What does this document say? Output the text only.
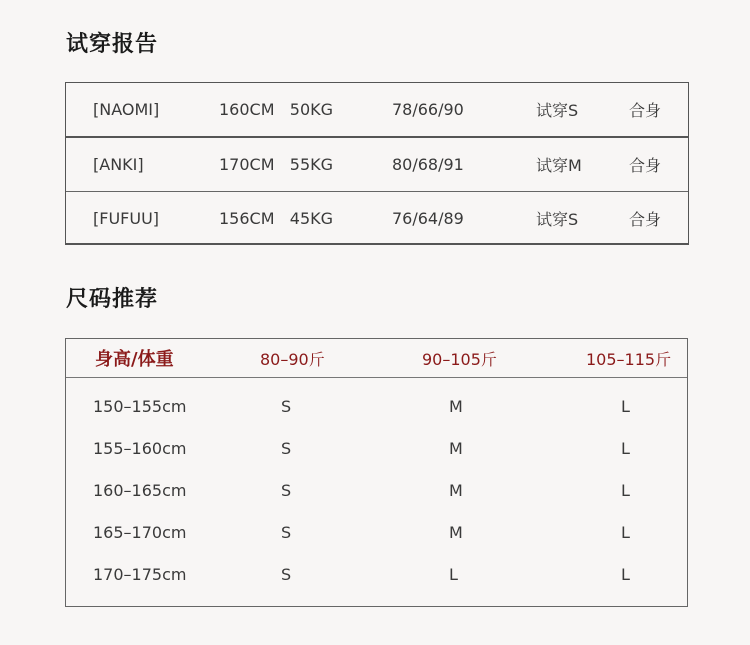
试穿报告
[NAOMI]	160CM   50KG	78/66/90	试穿S	合身
[ANKI]	170CM   55KG	80/68/91	试穿M	合身
[FUFUU]	156CM   45KG	76/64/89	试穿S	合身
尺码推荐
身高/体重	80–90斤	90–105斤	105–115斤
150–155cm	S	M	L
155–160cm	S	M	L
160–165cm	S	M	L
165–170cm	S	M	L
170–175cm	S	L	L
